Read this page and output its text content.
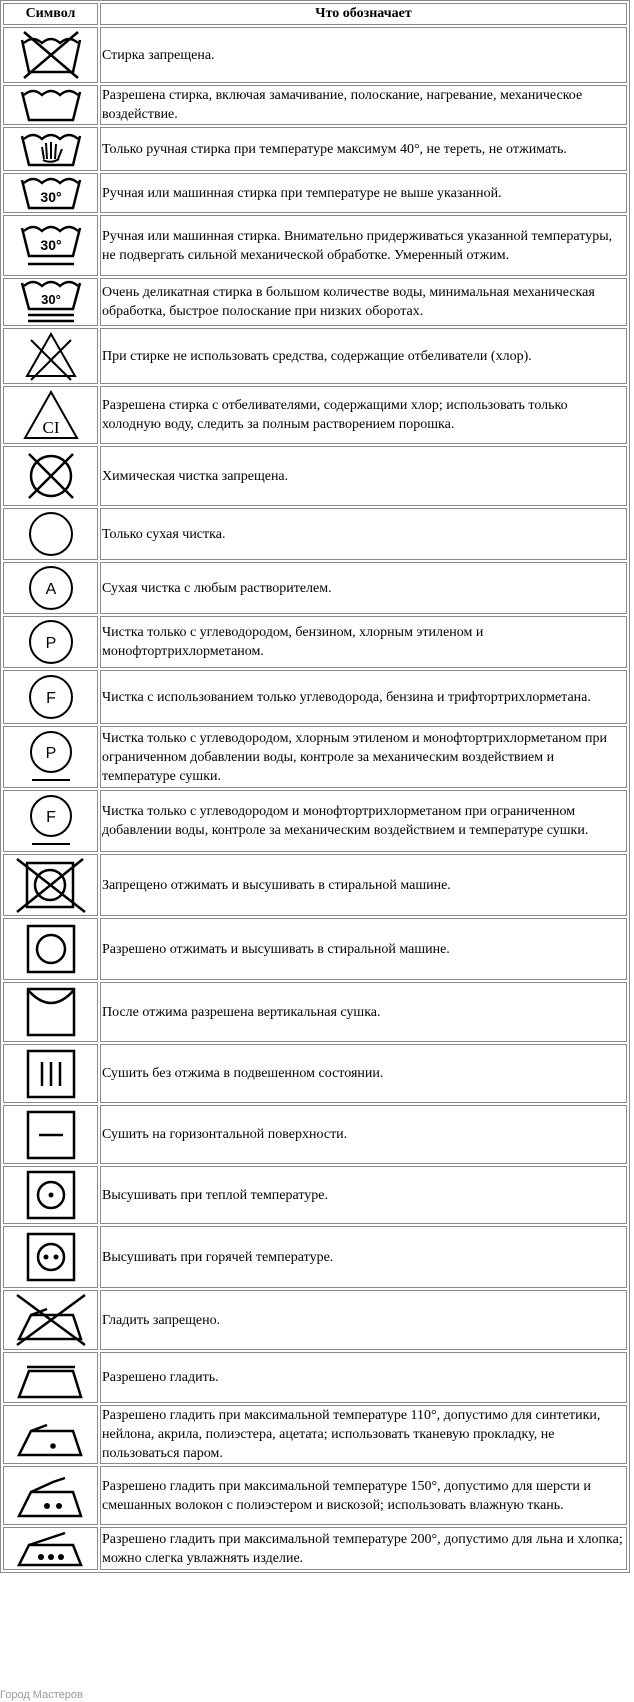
Символ	Что обозначает

	Стирка запрещена.

	Разрешена стирка, включая замачивание, полоскание, нагревание, механическое воздействие.

	Только ручная стирка при температуре максимум 40°, не тереть, не отжимать.

30°	Ручная или машинная стирка при температуре не выше указанной.

30°	Ручная или машинная стирка. Внимательно придерживаться указанной температуры, не подвергать сильной механической обработке. Умеренный отжим.

30°	Очень деликатная стирка в большом количестве воды, минимальная механическая обработка, быстрое полоскание при низких оборотах.

	При стирке не использовать средства, содержащие отбеливатели (хлор).

CI	Разрешена стирка с отбеливателями, содержащими хлор; использовать только холодную воду, следить за полным растворением порошка.

	Химическая чистка запрещена.

	Только сухая чистка.

A	Сухая чистка с любым растворителем.

P	Чистка только с углеводородом, бензином, хлорным этиленом и монофтортрихлорметаном.

F	Чистка с использованием только углеводорода, бензина и трифтортрихлорметана.

P	Чистка только с углеводородом, хлорным этиленом и монофтортрихлорметаном при ограниченном добавлении воды, контроле за механическим воздействием и температуре сушки.

F	Чистка только с углеводородом и монофтортрихлорметаном при ограниченном добавлении воды, контроле за механическим воздействием и температуре сушки.

	Запрещено отжимать и высушивать в стиральной машине.

	Разрешено отжимать и высушивать в стиральной машине.

	После отжима разрешена вертикальная сушка.

	Сушить без отжима в подвешенном состоянии.

	Сушить на горизонтальной поверхности.

	Высушивать при теплой температуре.

	Высушивать при горячей температуре.

	Гладить запрещено.

	Разрешено гладить.

	Разрешено гладить при максимальной температуре 110°, допустимо для синтетики, нейлона, акрила, полиэстера, ацетата; использовать тканевую прокладку, не пользоваться паром.

	Разрешено гладить при максимальной температуре 150°, допустимо для шерсти и смешанных волокон с полиэстером и вискозой; использовать влажную ткань.

	Разрешено гладить при максимальной температуре 200°, допустимо для льна и хлопка; можно слегка увлажнять изделие.
Город Мастеров
